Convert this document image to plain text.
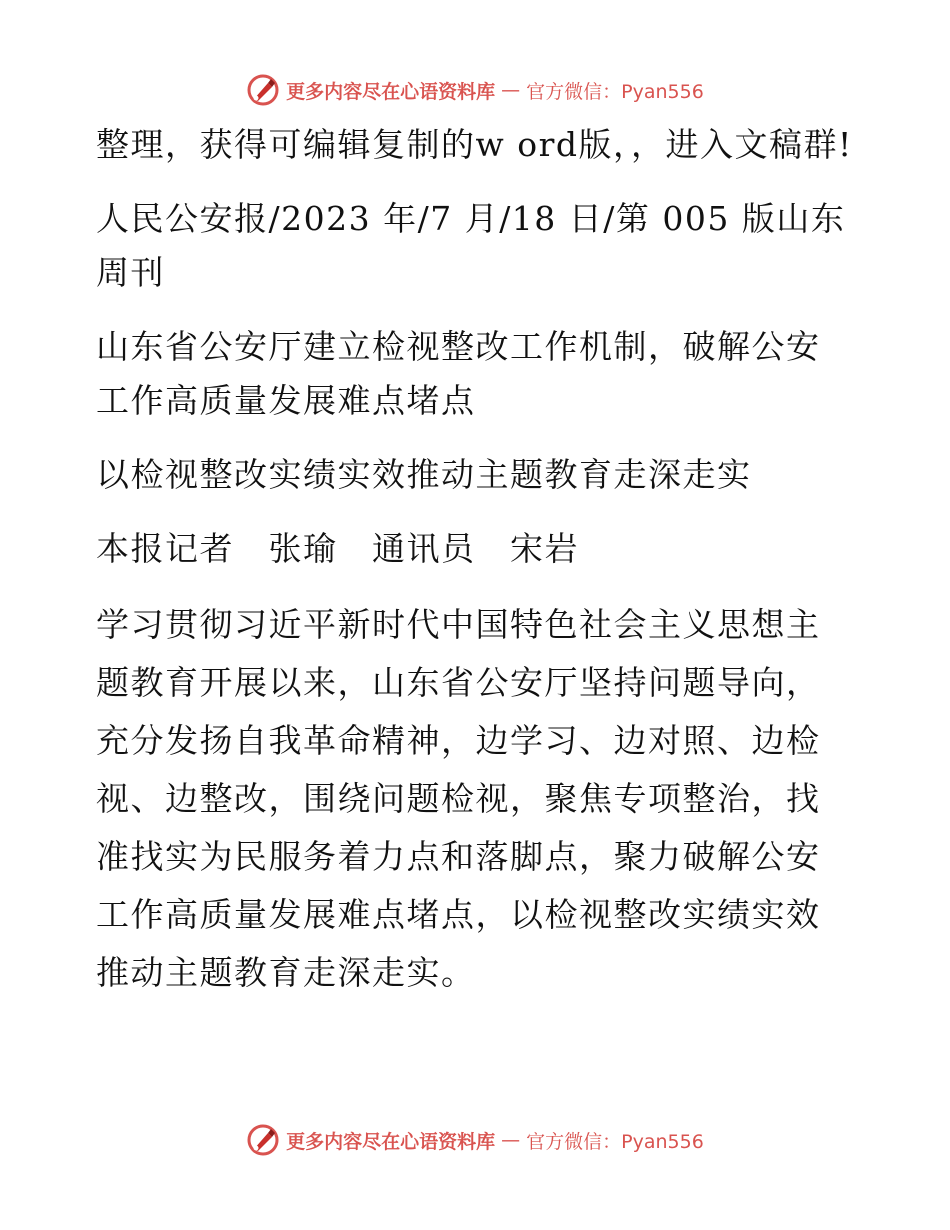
更多内容尽在心语资料库 — 官方微信：Pyan556

整理，获得可编辑复制的w ord版，，进入文稿群!

人民公安报/2023 年/7 月/18 日/第 005 版山东周刊

山东省公安厅建立检视整改工作机制，破解公安工作高质量发展难点堵点

以检视整改实绩实效推动主题教育走深走实

本报记者　张瑜　通讯员　宋岩

学习贯彻习近平新时代中国特色社会主义思想主题教育开展以来，山东省公安厅坚持问题导向，充分发扬自我革命精神，边学习、边对照、边检视、边整改，围绕问题检视，聚焦专项整治，找准找实为民服务着力点和落脚点，聚力破解公安工作高质量发展难点堵点，以检视整改实绩实效推动主题教育走深走实。

更多内容尽在心语资料库 — 官方微信：Pyan556
